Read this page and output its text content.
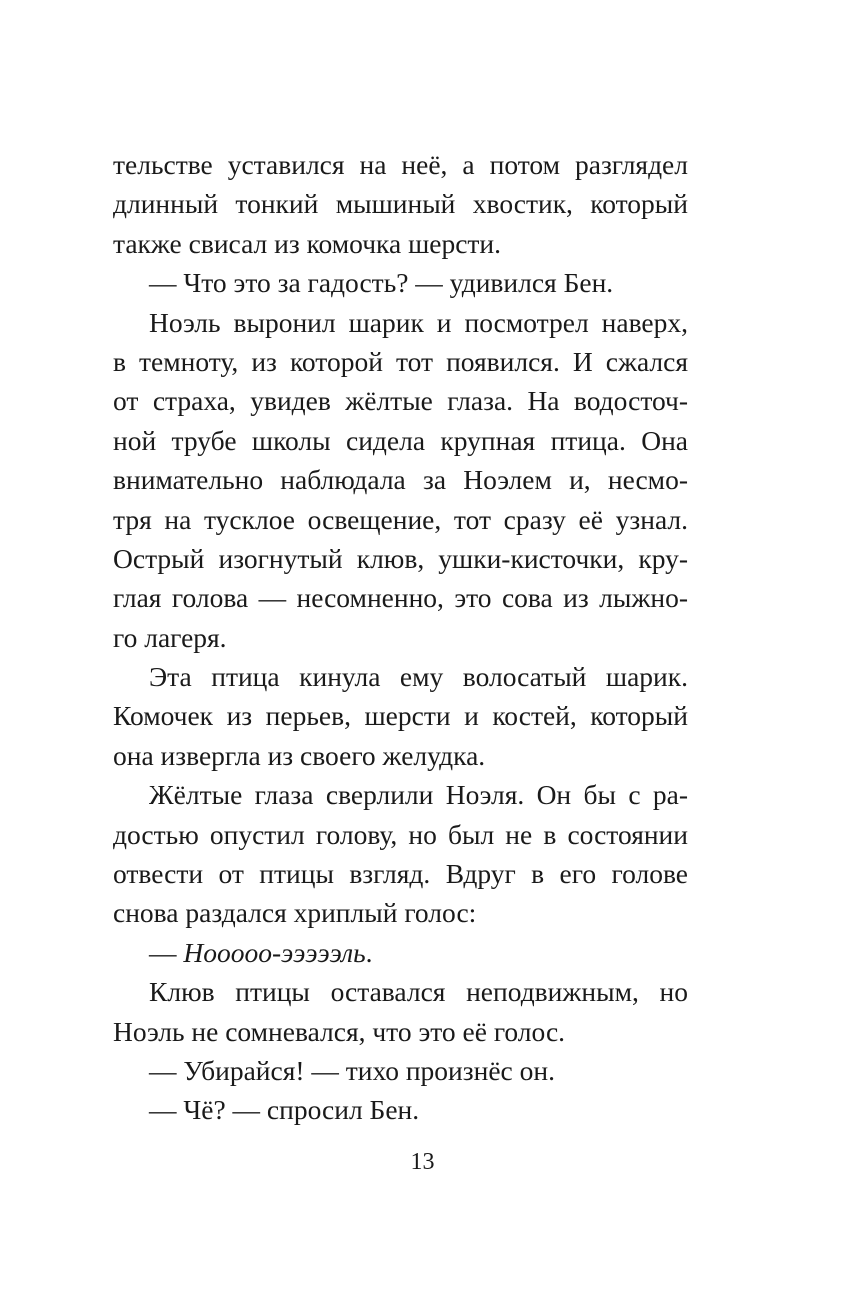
тельстве уставился на неё, а потом разглядел
длинный тонкий мышиный хвостик, который
также свисал из комочка шерсти.
— Что это за гадость? — удивился Бен.
Ноэль выронил шарик и посмотрел наверх,
в темноту, из которой тот появился. И сжался
от страха, увидев жёлтые глаза. На водосточ-
ной трубе школы сидела крупная птица. Она
внимательно наблюдала за Ноэлем и, несмо-
тря на тусклое освещение, тот сразу её узнал.
Острый изогнутый клюв, ушки-кисточки, кру-
глая голова — несомненно, это сова из лыжно-
го лагеря.
Эта птица кинула ему волосатый шарик.
Комочек из перьев, шерсти и костей, который
она извергла из своего желудка.
Жёлтые глаза сверлили Ноэля. Он бы с ра-
достью опустил голову, но был не в состоянии
отвести от птицы взгляд. Вдруг в его голове
снова раздался хриплый голос:
— Нооооо-эээээль.
Клюв птицы оставался неподвижным, но
Ноэль не сомневался, что это её голос.
— Убирайся! — тихо произнёс он.
— Чё? — спросил Бен.
13
